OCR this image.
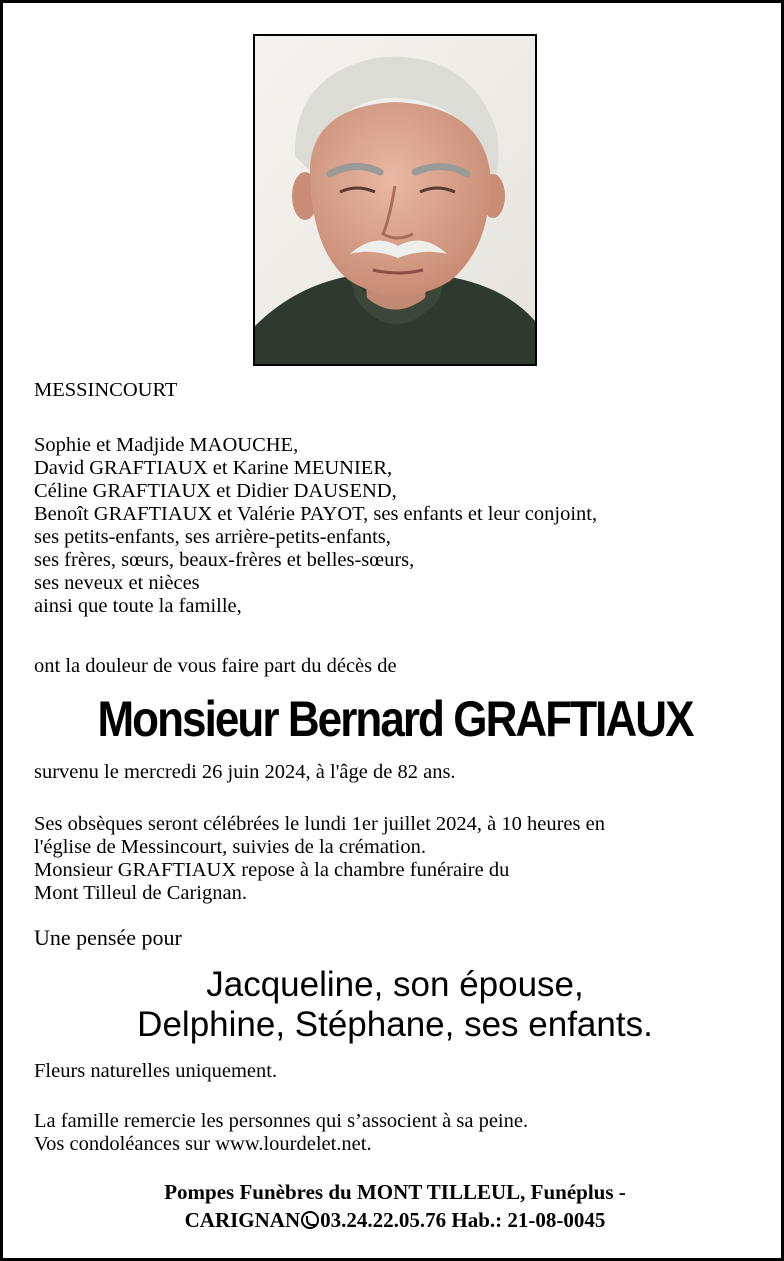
MESSINCOURT
Sophie et Madjide MAOUCHE,
David GRAFTIAUX et Karine MEUNIER,
Céline GRAFTIAUX et Didier DAUSEND,
Benoît GRAFTIAUX et Valérie PAYOT, ses enfants et leur conjoint,
ses petits-enfants, ses arrière-petits-enfants,
ses frères, sœurs, beaux-frères et belles-sœurs,
ses neveux et nièces
ainsi que toute la famille,
ont la douleur de vous faire part du décès de
Monsieur Bernard GRAFTIAUX
survenu le mercredi 26 juin 2024, à l'âge de 82 ans.
Ses obsèques seront célébrées le lundi 1er juillet 2024, à 10 heures en
l'église de Messincourt, suivies de la crémation.
Monsieur GRAFTIAUX repose à la chambre funéraire du
Mont Tilleul de Carignan.
Une pensée pour
Jacqueline, son épouse,
Delphine, Stéphane, ses enfants.
Fleurs naturelles uniquement.
La famille remercie les personnes qui s’associent à sa peine.
Vos condoléances sur www.lourdelet.net.
Pompes Funèbres du MONT TILLEUL, Funéplus -
CARIGNAN 03.24.22.05.76 Hab.: 21-08-0045
